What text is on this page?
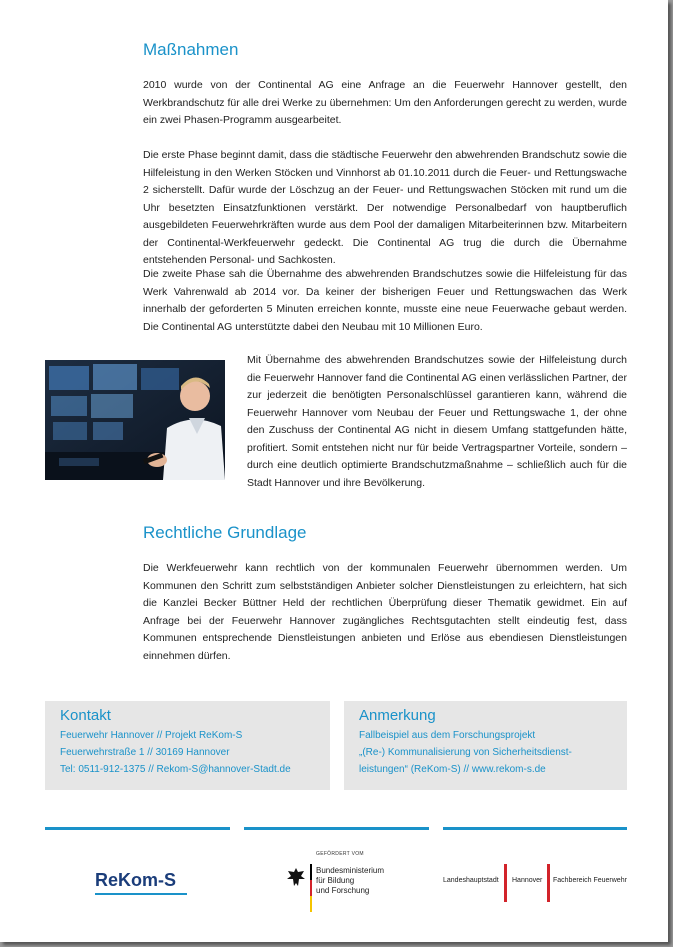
Maßnahmen

2010 wurde von der Continental AG eine Anfrage an die Feuerwehr Hannover gestellt, den Werkbrandschutz für alle drei Werke zu übernehmen: Um den Anforderungen gerecht zu werden, wurde ein zwei Phasen-Programm ausgearbeitet.

Die erste Phase beginnt damit, dass die städtische Feuerwehr den abwehrenden Brandschutz sowie die Hilfeleistung in den Werken Stöcken und Vinnhorst ab 01.10.2011 durch die Feuer- und Rettungswache 2 sicherstellt. Dafür wurde der Löschzug an der Feuer- und Rettungswachen Stöcken mit rund um die Uhr besetzten Einsatzfunktionen verstärkt. Der notwendige Personalbedarf von hauptberuflich ausgebildeten Feuerwehrkräften wurde aus dem Pool der damaligen Mitarbeiterinnen bzw. Mitarbeitern der Continental-Werkfeuerwehr gedeckt. Die Continental AG trug die durch die Übernahme entstehenden Personal- und Sachkosten.

Die zweite Phase sah die Übernahme des abwehrenden Brandschutzes sowie die Hilfeleistung für das Werk Vahrenwald ab 2014 vor. Da keiner der bisherigen Feuer und Rettungswachen das Werk innerhalb der geforderten 5 Minuten erreichen konnte, musste eine neue Feuerwache gebaut werden. Die Continental AG unterstützte dabei den Neubau mit 10 Millionen Euro.

Mit Übernahme des abwehrenden Brandschutzes sowie der Hilfeleistung durch die Feuerwehr Hannover fand die Continental AG einen verlässlichen Partner, der zur jederzeit die benötigten Personalschlüssel garantieren kann, während die Feuerwehr Hannover vom Neubau der Feuer und Rettungswache 1, der ohne den Zuschuss der Continental AG nicht in diesem Umfang stattgefunden hätte, profitiert. Somit entstehen nicht nur für beide Vertragspartner Vorteile, sondern – durch eine deutlich optimierte Brandschutzmaßnahme – schließlich auch für die Stadt Hannover und ihre Bevölkerung.

Rechtliche Grundlage

Die Werkfeuerwehr kann rechtlich von der kommunalen Feuerwehr übernommen werden. Um Kommunen den Schritt zum selbstständigen Anbieter solcher Dienstleistungen zu erleichtern, hat sich die Kanzlei Becker Büttner Held der rechtlichen Überprüfung dieser Thematik gewidmet. Ein auf Anfrage bei der Feuerwehr Hannover zugängliches Rechtsgutachten stellt eindeutig fest, dass Kommunen entsprechende Dienstleistungen anbieten und Erlöse aus ebendiesen Dienstleistungen einnehmen dürfen.

Kontakt
Feuerwehr Hannover // Projekt ReKom-S
Feuerwehrstraße 1 // 30169 Hannover
Tel: 0511-912-1375 // Rekom-S@hannover-Stadt.de
Anmerkung
Fallbeispiel aus dem Forschungsprojekt
„(Re-) Kommunalisierung von Sicherheitsdienst-
leistungen“ (ReKom-S) // www.rekom-s.de
ReKom-S
GEFÖRDERT VOM
Bundesministerium
für Bildung
und Forschung
Landeshauptstadt Hannover Fachbereich Feuerwehr
